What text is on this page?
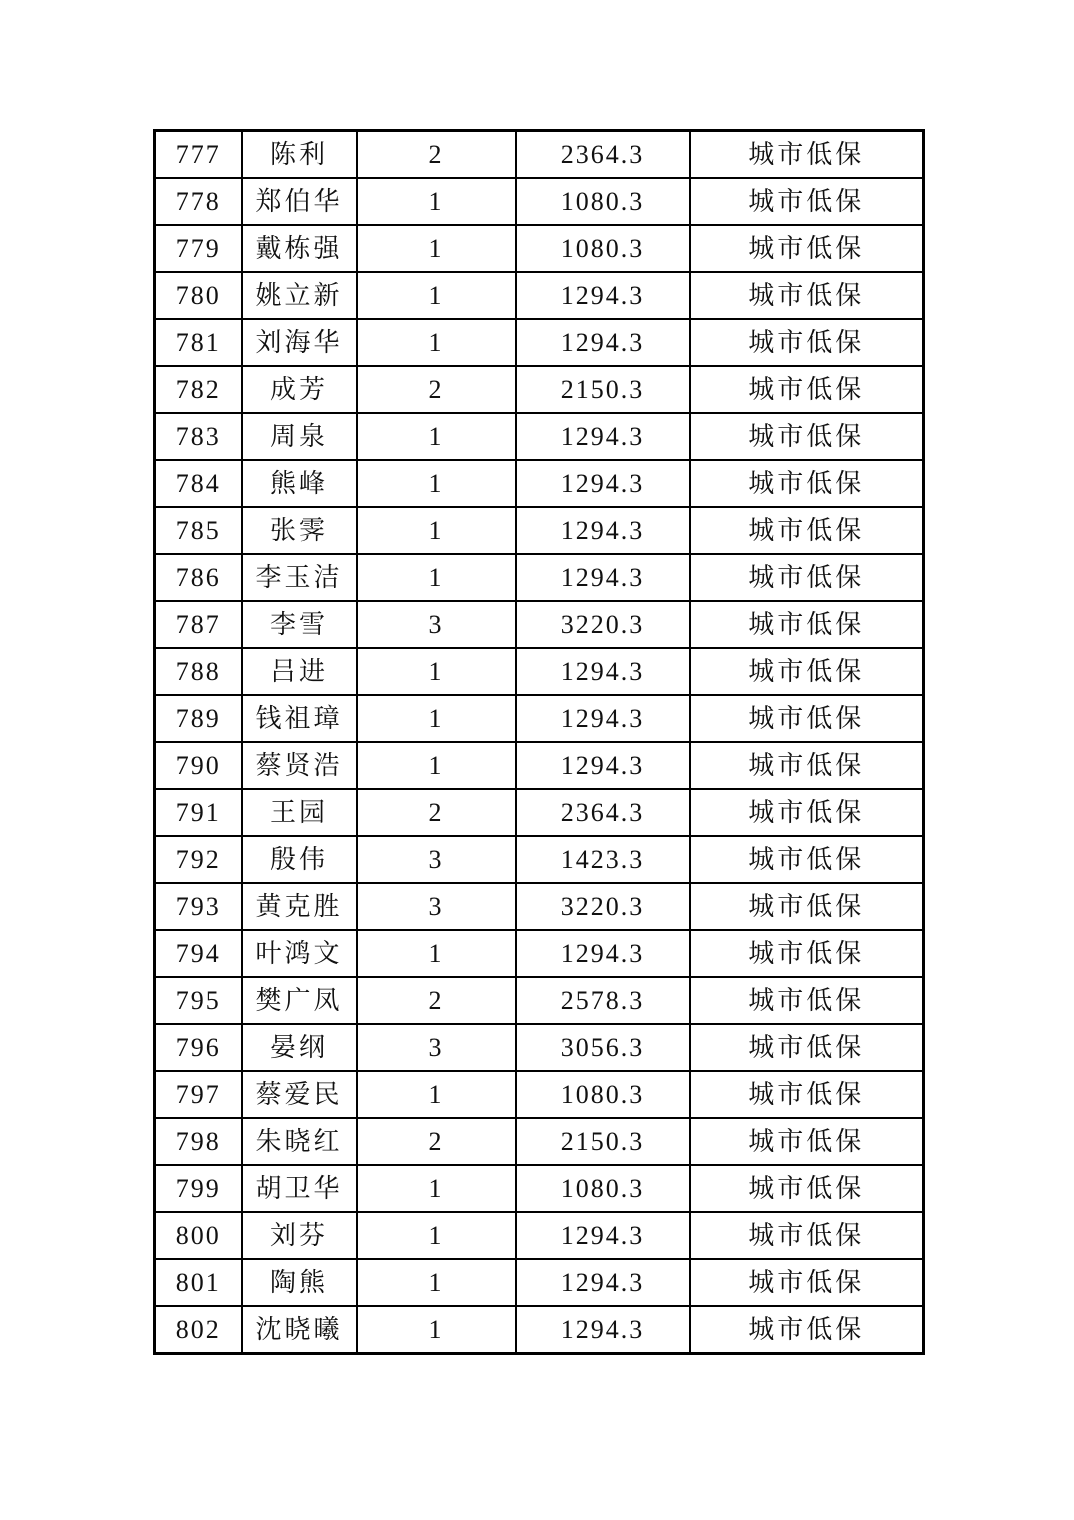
777	陈利	2	2364.3	城市低保
778	郑伯华	1	1080.3	城市低保
779	戴栋强	1	1080.3	城市低保
780	姚立新	1	1294.3	城市低保
781	刘海华	1	1294.3	城市低保
782	成芳	2	2150.3	城市低保
783	周泉	1	1294.3	城市低保
784	熊峰	1	1294.3	城市低保
785	张霁	1	1294.3	城市低保
786	李玉洁	1	1294.3	城市低保
787	李雪	3	3220.3	城市低保
788	吕进	1	1294.3	城市低保
789	钱祖璋	1	1294.3	城市低保
790	蔡贤浩	1	1294.3	城市低保
791	王园	2	2364.3	城市低保
792	殷伟	3	1423.3	城市低保
793	黄克胜	3	3220.3	城市低保
794	叶鸿文	1	1294.3	城市低保
795	樊广凤	2	2578.3	城市低保
796	晏纲	3	3056.3	城市低保
797	蔡爱民	1	1080.3	城市低保
798	朱晓红	2	2150.3	城市低保
799	胡卫华	1	1080.3	城市低保
800	刘芬	1	1294.3	城市低保
801	陶熊	1	1294.3	城市低保
802	沈晓曦	1	1294.3	城市低保
